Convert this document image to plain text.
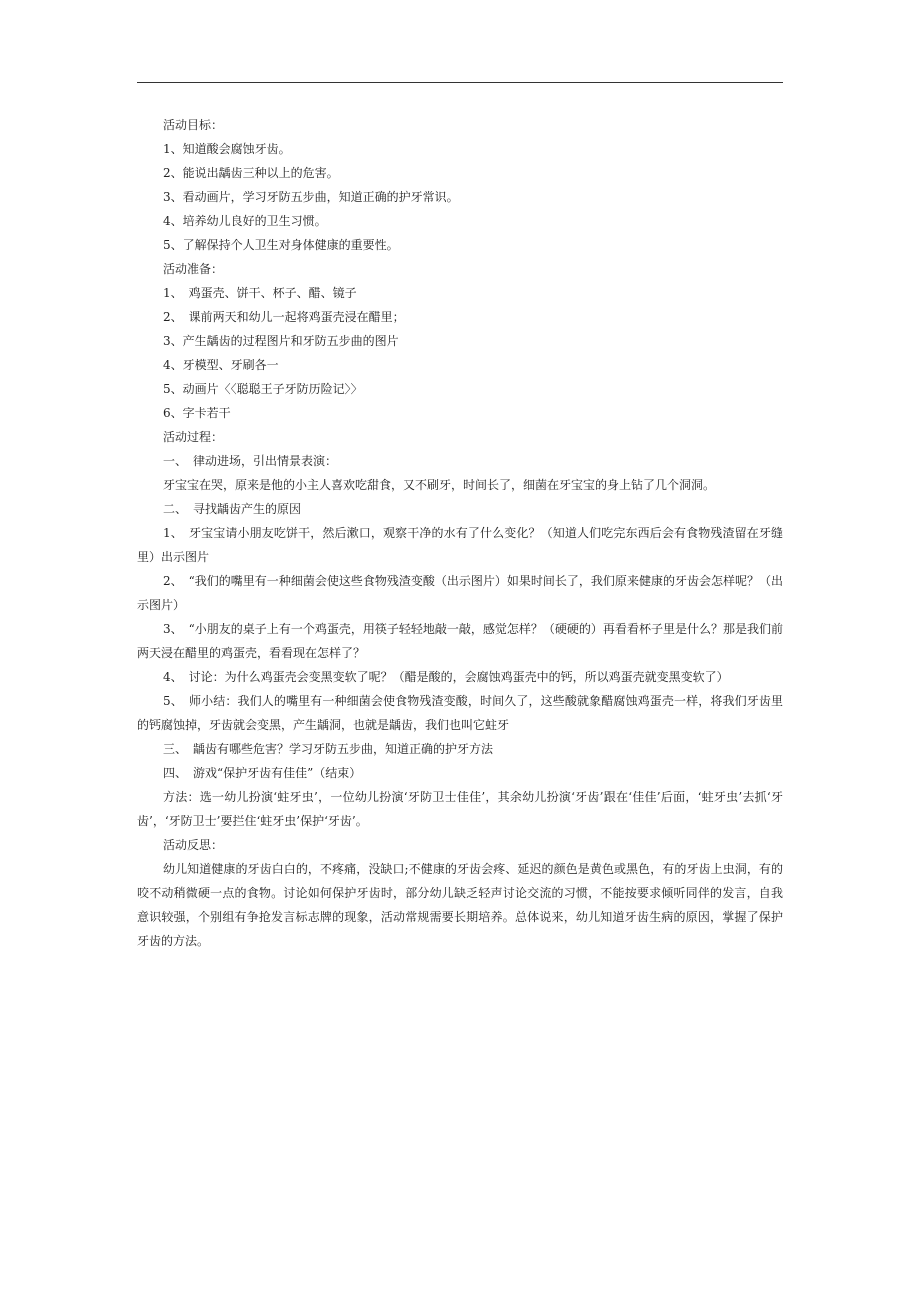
活动目标：
1、知道酸会腐蚀牙齿。
2、能说出龋齿三种以上的危害。
3、看动画片，学习牙防五步曲，知道正确的护牙常识。
4、培养幼儿良好的卫生习惯。
5、了解保持个人卫生对身体健康的重要性。
活动准备：
1、　鸡蛋壳、饼干、杯子、醋、镜子
2、　课前两天和幼儿一起将鸡蛋壳浸在醋里；
3、产生龋齿的过程图片和牙防五步曲的图片
4、牙模型、牙刷各一
5、动画片〈〈聪聪王子牙防历险记〉〉
6、字卡若干
活动过程：
一、　律动进场，引出情景表演：
牙宝宝在哭，原来是他的小主人喜欢吃甜食，又不刷牙，时间长了，细菌在牙宝宝的身上钻了几个洞洞。
二、　寻找龋齿产生的原因
1、　牙宝宝请小朋友吃饼干，然后漱口，观察干净的水有了什么变化？（知道人们吃完东西后会有食物残渣留在牙缝里）出示图片
2、　“我们的嘴里有一种细菌会使这些食物残渣变酸（出示图片）如果时间长了，我们原来健康的牙齿会怎样呢？（出示图片）
3、　“小朋友的桌子上有一个鸡蛋壳，用筷子轻轻地敲一敲，感觉怎样？（硬硬的）再看看杯子里是什么？那是我们前两天浸在醋里的鸡蛋壳，看看现在怎样了？
4、　讨论：为什么鸡蛋壳会变黑变软了呢？（醋是酸的，会腐蚀鸡蛋壳中的钙，所以鸡蛋壳就变黑变软了）
5、　师小结：我们人的嘴里有一种细菌会使食物残渣变酸，时间久了，这些酸就象醋腐蚀鸡蛋壳一样，将我们牙齿里的钙腐蚀掉，牙齿就会变黑，产生龋洞，也就是龋齿，我们也叫它蛀牙
三、　龋齿有哪些危害？学习牙防五步曲，知道正确的护牙方法
四、　游戏“保护牙齿有佳佳”（结束）
方法：选一幼儿扮演‘蛀牙虫’，一位幼儿扮演‘牙防卫士佳佳’，其余幼儿扮演‘牙齿’跟在‘佳佳’后面，‘蛀牙虫’去抓‘牙齿’，‘牙防卫士’要拦住‘蛀牙虫’保护‘牙齿’。
活动反思：
幼儿知道健康的牙齿白白的，不疼痛，没缺口;不健康的牙齿会疼、延迟的颜色是黄色或黑色，有的牙齿上虫洞，有的咬不动稍微硬一点的食物。讨论如何保护牙齿时，部分幼儿缺乏轻声讨论交流的习惯，不能按要求倾听同伴的发言，自我意识较强，个别组有争抢发言标志牌的现象，活动常规需要长期培养。总体说来，幼儿知道牙齿生病的原因，掌握了保护牙齿的方法。
